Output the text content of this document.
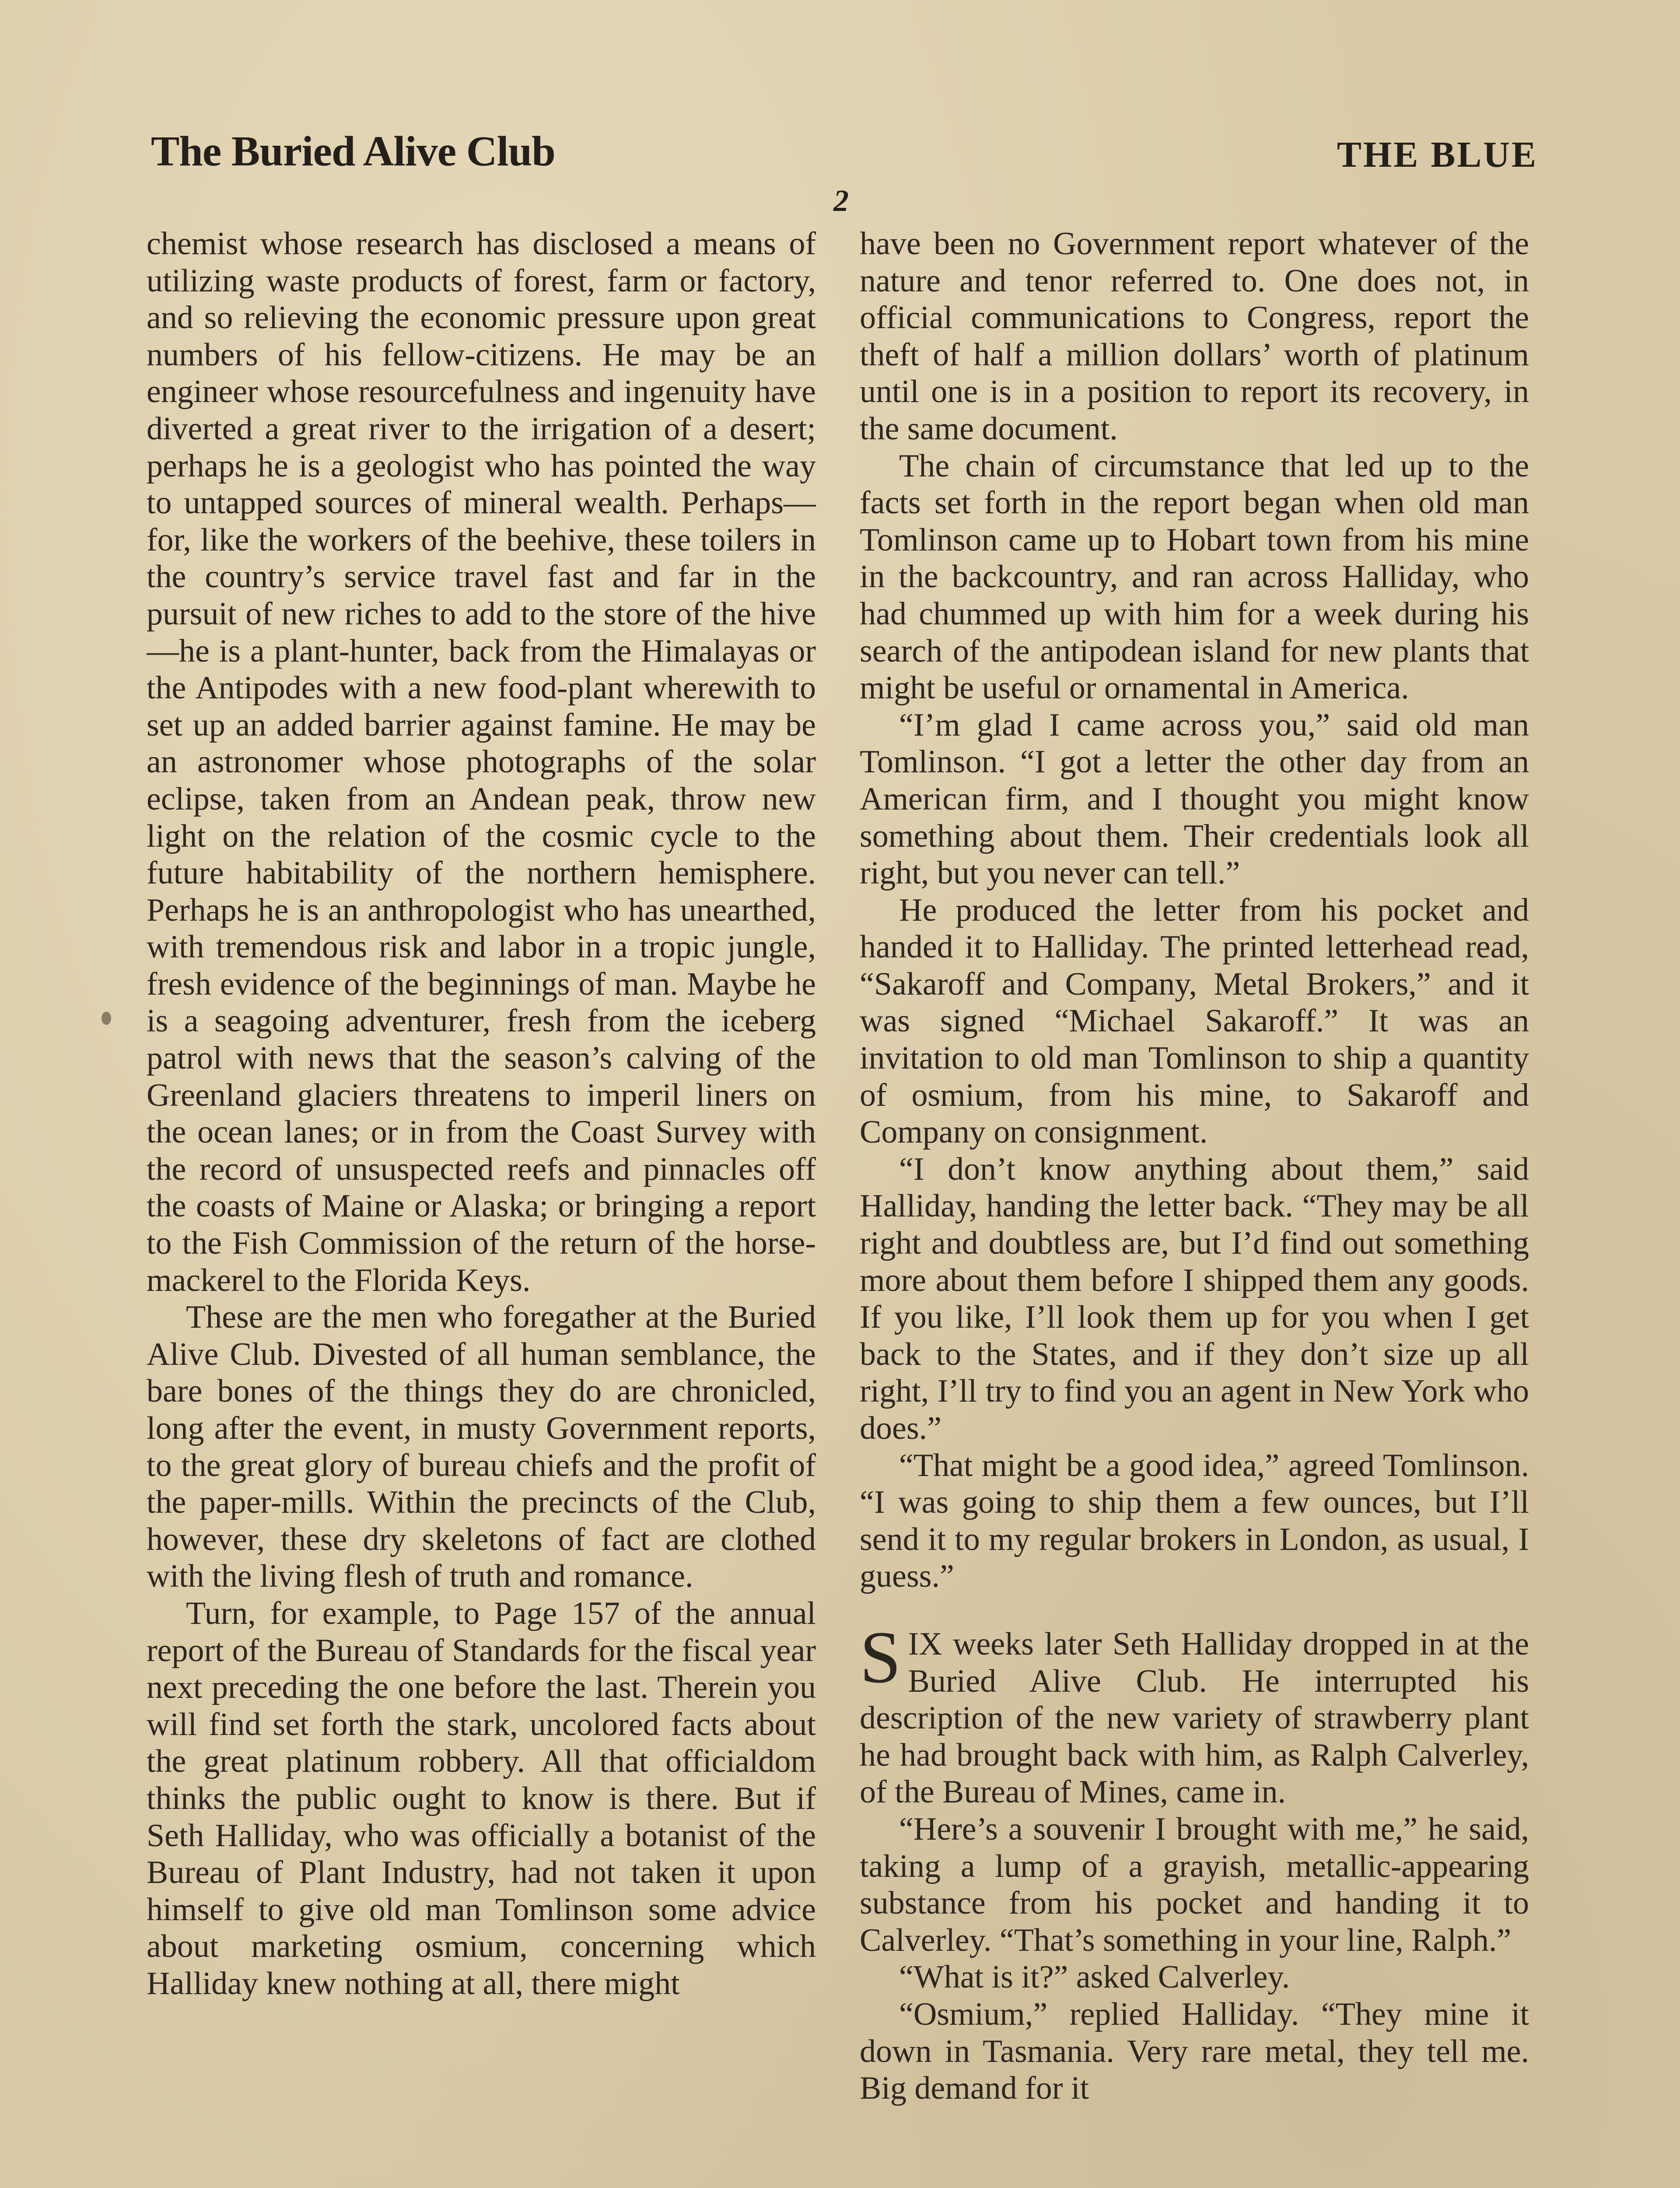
The Buried Alive Club	THE BLUE
2

chemist whose research has disclosed a means of utilizing waste products of forest, farm or factory, and so relieving the economic pressure upon great numbers of his fellow-citizens. He may be an engineer whose resourcefulness and ingenuity have diverted a great river to the irrigation of a desert; perhaps he is a geologist who has pointed the way to untapped sources of mineral wealth. Perhaps—for, like the workers of the beehive, these toilers in the country’s service travel fast and far in the pursuit of new riches to add to the store of the hive—he is a plant-hunter, back from the Himalayas or the Antipodes with a new food-plant wherewith to set up an added barrier against famine. He may be an astronomer whose photographs of the solar eclipse, taken from an Andean peak, throw new light on the relation of the cosmic cycle to the future habitability of the northern hemisphere. Perhaps he is an anthropologist who has unearthed, with tremendous risk and labor in a tropic jungle, fresh evidence of the beginnings of man. Maybe he is a seagoing adventurer, fresh from the iceberg patrol with news that the season’s calving of the Greenland glaciers threatens to imperil liners on the ocean lanes; or in from the Coast Survey with the record of unsuspected reefs and pinnacles off the coasts of Maine or Alaska; or bringing a report to the Fish Commission of the return of the horse-mackerel to the Florida Keys.

These are the men who foregather at the Buried Alive Club. Divested of all human semblance, the bare bones of the things they do are chronicled, long after the event, in musty Government reports, to the great glory of bureau chiefs and the profit of the paper-mills. Within the precincts of the Club, however, these dry skeletons of fact are clothed with the living flesh of truth and romance.

Turn, for example, to Page 157 of the annual report of the Bureau of Standards for the fiscal year next preceding the one before the last. Therein you will find set forth the stark, uncolored facts about the great platinum robbery. All that officialdom thinks the public ought to know is there. But if Seth Halliday, who was officially a botanist of the Bureau of Plant Industry, had not taken it upon himself to give old man Tomlinson some advice about marketing osmium, concerning which Halliday knew nothing at all, there might

have been no Government report whatever of the nature and tenor referred to. One does not, in official communications to Congress, report the theft of half a million dollars’ worth of platinum until one is in a position to report its recovery, in the same document.

The chain of circumstance that led up to the facts set forth in the report began when old man Tomlinson came up to Hobart town from his mine in the backcountry, and ran across Halliday, who had chummed up with him for a week during his search of the antipodean island for new plants that might be useful or ornamental in America.

“I’m glad I came across you,” said old man Tomlinson. “I got a letter the other day from an American firm, and I thought you might know something about them. Their credentials look all right, but you never can tell.”

He produced the letter from his pocket and handed it to Halliday. The printed letterhead read, “Sakaroff and Company, Metal Brokers,” and it was signed “Michael Sakaroff.” It was an invitation to old man Tomlinson to ship a quantity of osmium, from his mine, to Sakaroff and Company on consignment.

“I don’t know anything about them,” said Halliday, handing the letter back. “They may be all right and doubtless are, but I’d find out something more about them before I shipped them any goods. If you like, I’ll look them up for you when I get back to the States, and if they don’t size up all right, I’ll try to find you an agent in New York who does.”

“That might be a good idea,” agreed Tomlinson. “I was going to ship them a few ounces, but I’ll send it to my regular brokers in London, as usual, I guess.”

SIX weeks later Seth Halliday dropped in at the Buried Alive Club. He interrupted his description of the new variety of strawberry plant he had brought back with him, as Ralph Calverley, of the Bureau of Mines, came in.

“Here’s a souvenir I brought with me,” he said, taking a lump of a grayish, metallic-appearing substance from his pocket and handing it to Calverley. “That’s something in your line, Ralph.”

“What is it?” asked Calverley.

“Osmium,” replied Halliday. “They mine it down in Tasmania. Very rare metal, they tell me. Big demand for it
